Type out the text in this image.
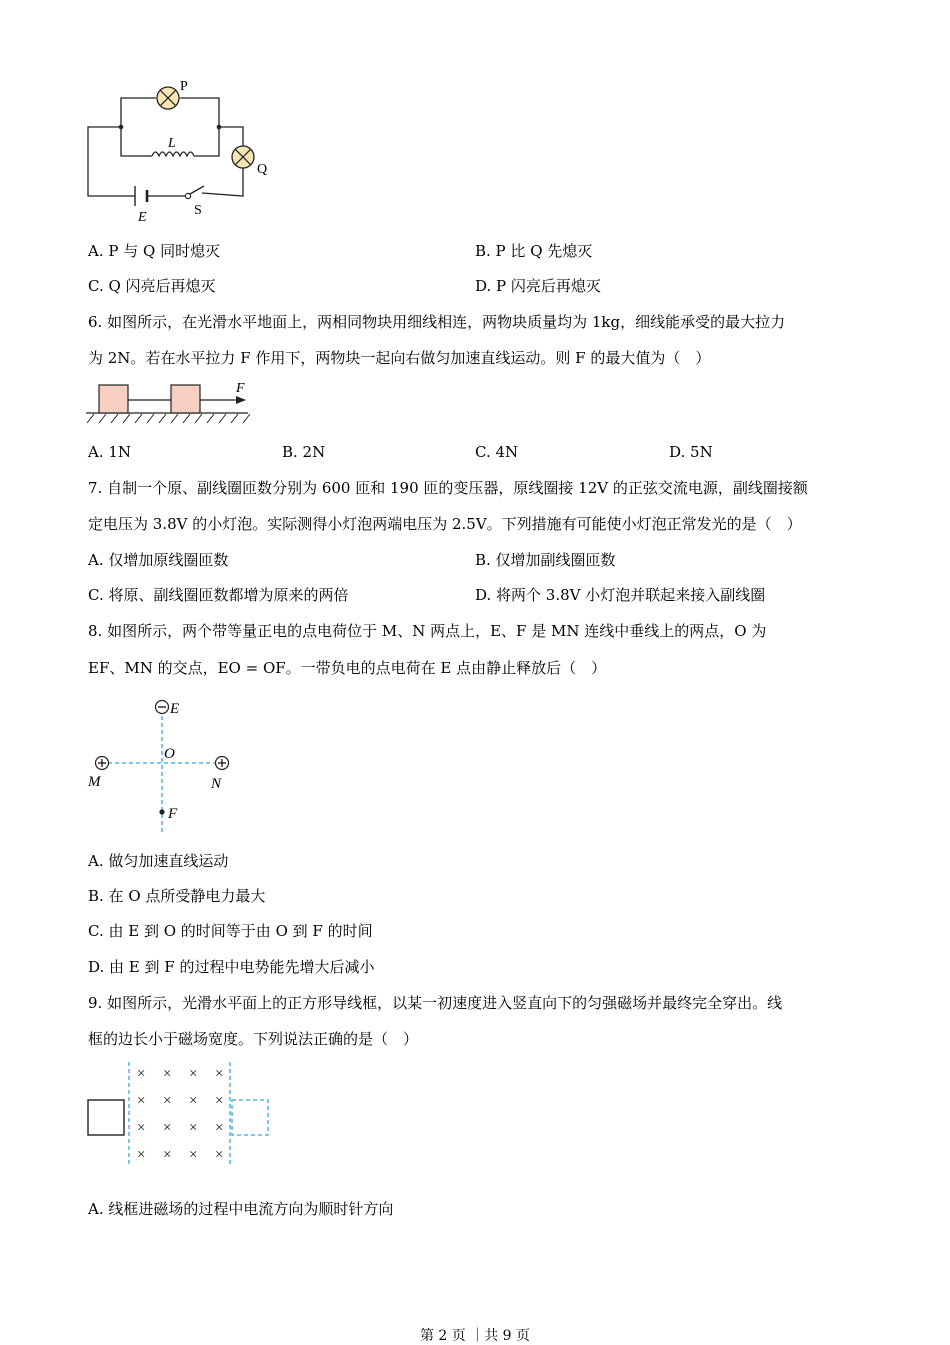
P
Q
L
E	S
A. P 与 Q 同时熄灭	B. P 比 Q 先熄灭
C. Q 闪亮后再熄灭	D. P 闪亮后再熄灭
6. 如图所示，在光滑水平地面上，两相同物块用细线相连，两物块质量均为 1kg，细线能承受的最大拉力
为 2N。若在水平拉力 F 作用下，两物块一起向右做匀加速直线运动。则 F 的最大值为（　）
F
A. 1N	B. 2N	C. 4N	D. 5N
7. 自制一个原、副线圈匝数分别为 600 匝和 190 匝的变压器，原线圈接 12V 的正弦交流电源，副线圈接额
定电压为 3.8V 的小灯泡。实际测得小灯泡两端电压为 2.5V。下列措施有可能使小灯泡正常发光的是（　）
A. 仅增加原线圈匝数	B. 仅增加副线圈匝数
C. 将原、副线圈匝数都增为原来的两倍	D. 将两个 3.8V 小灯泡并联起来接入副线圈
8. 如图所示，两个带等量正电的点电荷位于 M、N 两点上，E、F 是 MN 连线中垂线上的两点，O 为
EF、MN 的交点，EO = OF。一带负电的点电荷在 E 点由静止释放后（　）
E
O
M	N
F
A. 做匀加速直线运动
B. 在 O 点所受静电力最大
C. 由 E 到 O 的时间等于由 O 到 F 的时间
D. 由 E 到 F 的过程中电势能先增大后减小
9. 如图所示，光滑水平面上的正方形导线框，以某一初速度进入竖直向下的匀强磁场并最终完全穿出。线
框的边长小于磁场宽度。下列说法正确的是（　）
× × × ×
× × × ×
× × × ×
× × × ×
A. 线框进磁场的过程中电流方向为顺时针方向
第 2 页 ｜共 9 页
